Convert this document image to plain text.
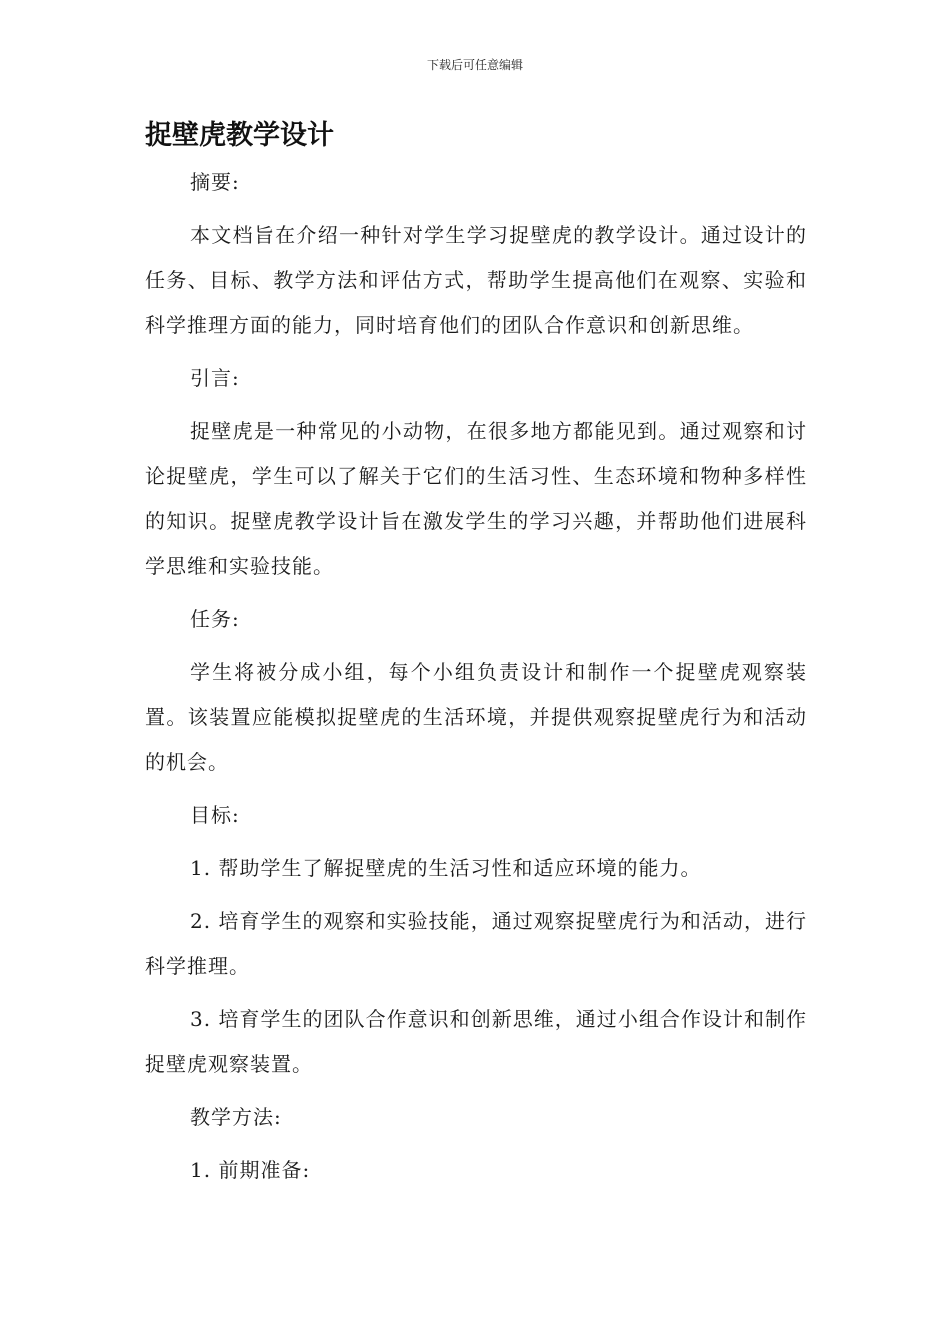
下载后可任意编辑
捉壁虎教学设计

摘要:

本文档旨在介绍一种针对学生学习捉壁虎的教学设计。通过设计的任务、目标、教学方法和评估方式，帮助学生提高他们在观察、实验和科学推理方面的能力，同时培育他们的团队合作意识和创新思维。

引言:

捉壁虎是一种常见的小动物，在很多地方都能见到。通过观察和讨论捉壁虎，学生可以了解关于它们的生活习性、生态环境和物种多样性的知识。捉壁虎教学设计旨在激发学生的学习兴趣，并帮助他们进展科学思维和实验技能。

任务:

学生将被分成小组，每个小组负责设计和制作一个捉壁虎观察装置。该装置应能模拟捉壁虎的生活环境，并提供观察捉壁虎行为和活动的机会。

目标:

1. 帮助学生了解捉壁虎的生活习性和适应环境的能力。

2. 培育学生的观察和实验技能，通过观察捉壁虎行为和活动，进行科学推理。

3. 培育学生的团队合作意识和创新思维，通过小组合作设计和制作捉壁虎观察装置。

教学方法:

1. 前期准备:
